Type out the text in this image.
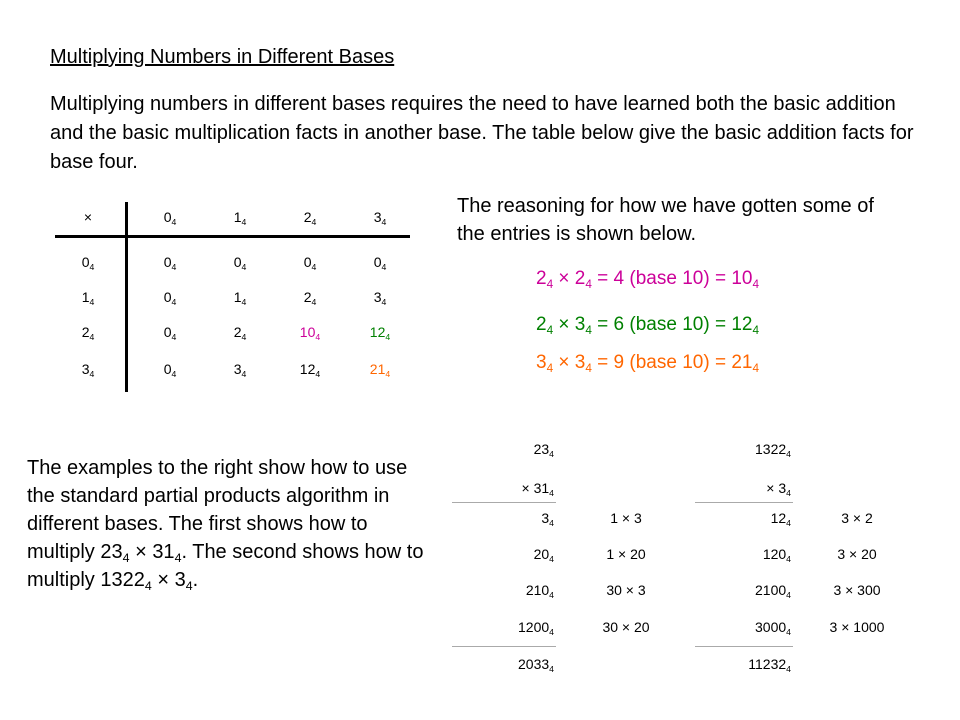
Multiplying Numbers in Different Bases
Multiplying numbers in different bases requires the need to have learned both the basic addition and the basic multiplication facts in another base. The table below give the basic addition facts for base four.
×	$0_4$	$1_4$	$2_4$	$3_4$
$0_4$	$0_4$	$0_4$	$0_4$	$0_4$
$1_4$	$0_4$	$1_4$	$2_4$	$3_4$
$2_4$	$0_4$	$2_4$	$10_4$	$12_4$
$3_4$	$0_4$	$3_4$	$12_4$	$21_4$
The reasoning for how we have gotten some of the entries is shown below.
$2_4 \times 2_4 = 4$ (base $10) = 10_4$
$2_4 \times 3_4 = 6$ (base $10) = 12_4$
$3_4 \times 3_4 = 9$ (base $10) = 21_4$
The examples to the right show how to use the standard partial products algorithm in different bases. The first shows how to multiply $23_4 \times 31_4$. The second shows how to multiply $1322_4 \times 3_4$.
$23_4$
× $31_4$
$3_4$	1 × 3
$20_4$	1 × 20
$210_4$	30 × 3
$1200_4$	30 × 20
$2033_4$
$1322_4$
× $3_4$
$12_4$	3 × 2
$120_4$	3 × 20
$2100_4$	3 × 300
$3000_4$	3 × 1000
$11232_4$
